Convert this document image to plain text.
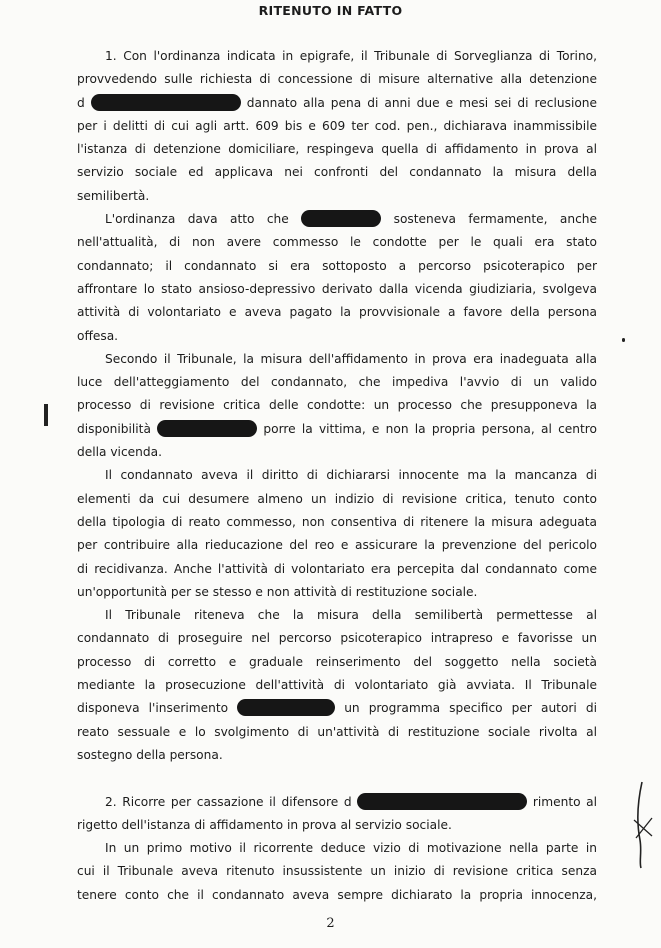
RITENUTO IN FATTO
1. Con l'ordinanza indicata in epigrafe, il Tribunale di Sorveglianza di Torino,
provvedendo sulle richiesta di concessione di misure alternative alla detenzione
d	dannato alla pena di anni due e mesi sei di reclusione
per i delitti di cui agli artt. 609 bis e 609 ter cod. pen., dichiarava inammissibile
l'istanza di detenzione domiciliare, respingeva quella di affidamento in prova al
servizio sociale ed applicava nei confronti del condannato la misura della
semilibertà.
L'ordinanza dava atto che	sosteneva fermamente, anche
nell'attualità, di non avere commesso le condotte per le quali era stato
condannato; il condannato si era sottoposto a percorso psicoterapico per
affrontare lo stato ansioso-depressivo derivato dalla vicenda giudiziaria, svolgeva
attività di volontariato e aveva pagato la provvisionale a favore della persona
offesa.
Secondo il Tribunale, la misura dell'affidamento in prova era inadeguata alla
luce dell'atteggiamento del condannato, che impediva l'avvio di un valido
processo di revisione critica delle condotte: un processo che presupponeva la
disponibilità	porre la vittima, e non la propria persona, al centro
della vicenda.
Il condannato aveva il diritto di dichiararsi innocente ma la mancanza di
elementi da cui desumere almeno un indizio di revisione critica, tenuto conto
della tipologia di reato commesso, non consentiva di ritenere la misura adeguata
per contribuire alla rieducazione del reo e assicurare la prevenzione del pericolo
di recidivanza. Anche l'attività di volontariato era percepita dal condannato come
un'opportunità per se stesso e non attività di restituzione sociale.
Il Tribunale riteneva che la misura della semilibertà permettesse al
condannato di proseguire nel percorso psicoterapico intrapreso e favorisse un
processo di corretto e graduale reinserimento del soggetto nella società
mediante la prosecuzione dell'attività di volontariato già avviata. Il Tribunale
disponeva l'inserimento	un programma specifico per autori di
reato sessuale e lo svolgimento di un'attività di restituzione sociale rivolta al
sostegno della persona.
2. Ricorre per cassazione il difensore d	rimento al
rigetto dell'istanza di affidamento in prova al servizio sociale.
In un primo motivo il ricorrente deduce vizio di motivazione nella parte in
cui il Tribunale aveva ritenuto insussistente un inizio di revisione critica senza
tenere conto che il condannato aveva sempre dichiarato la propria innocenza,
2
